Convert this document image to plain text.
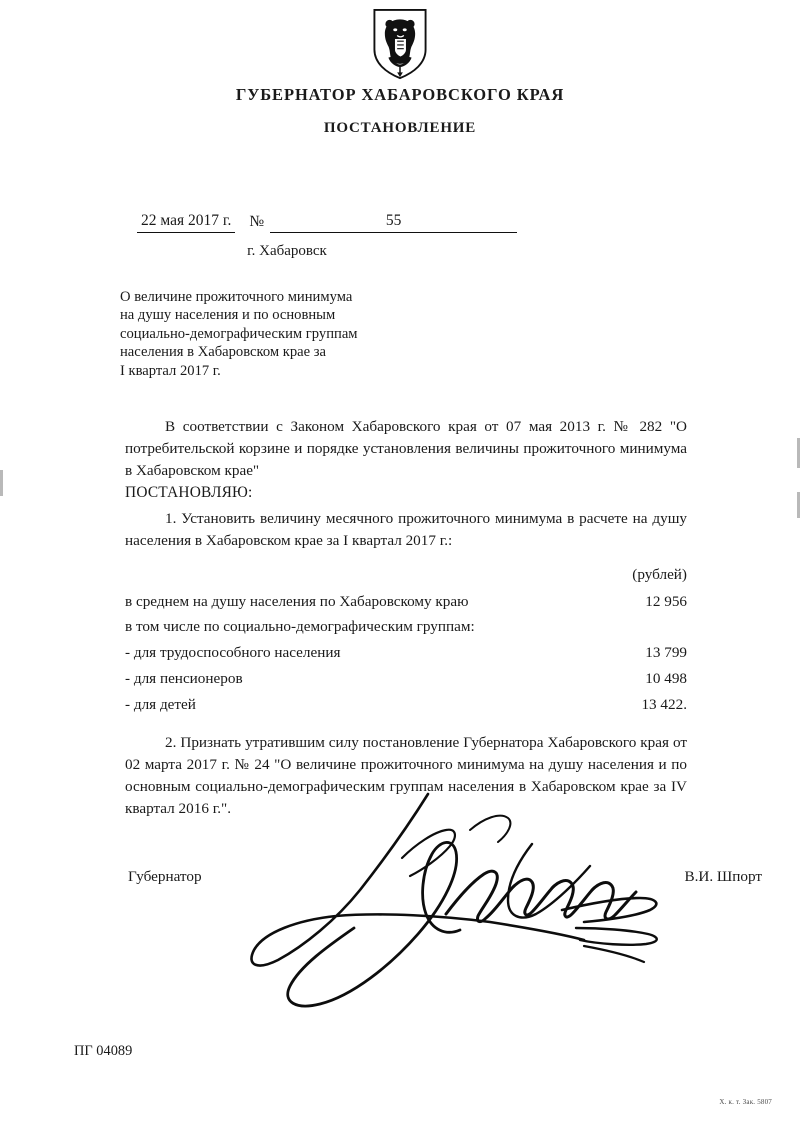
ГУБЕРНАТОР ХАБАРОВСКОГО КРАЯ
ПОСТАНОВЛЕНИЕ
22 мая 2017 г.	№	55
г. Хабаровск
О величине прожиточного минимума
на душу населения и по основным
социально-демографическим группам
населения в Хабаровском крае за
I квартал 2017 г.

В соответствии с Законом Хабаровского края от 07 мая 2013 г. № 282 "О потребительской корзине и порядке установления величины прожиточного минимума в Хабаровском крае"

ПОСТАНОВЛЯЮ:

1. Установить величину месячного прожиточного минимума в расчете на душу населения в Хабаровском крае за I квартал 2017 г.:

	(рублей)
в среднем на душу населения по Хабаровскому краю	12 956
в том числе по социально-демографическим группам:	
- для трудоспособного населения	13 799
- для пенсионеров	10 498
- для детей	13 422.

2. Признать утратившим силу постановление Губернатора Хабаровского края от 02 марта 2017 г. № 24 "О величине прожиточного минимума на душу населения и по основным социально-демографическим группам населения в Хабаровском крае за IV квартал 2016 г.".

Губернатор	В.И. Шпорт
ПГ 04089
Х. к. т. Зак. 5807
